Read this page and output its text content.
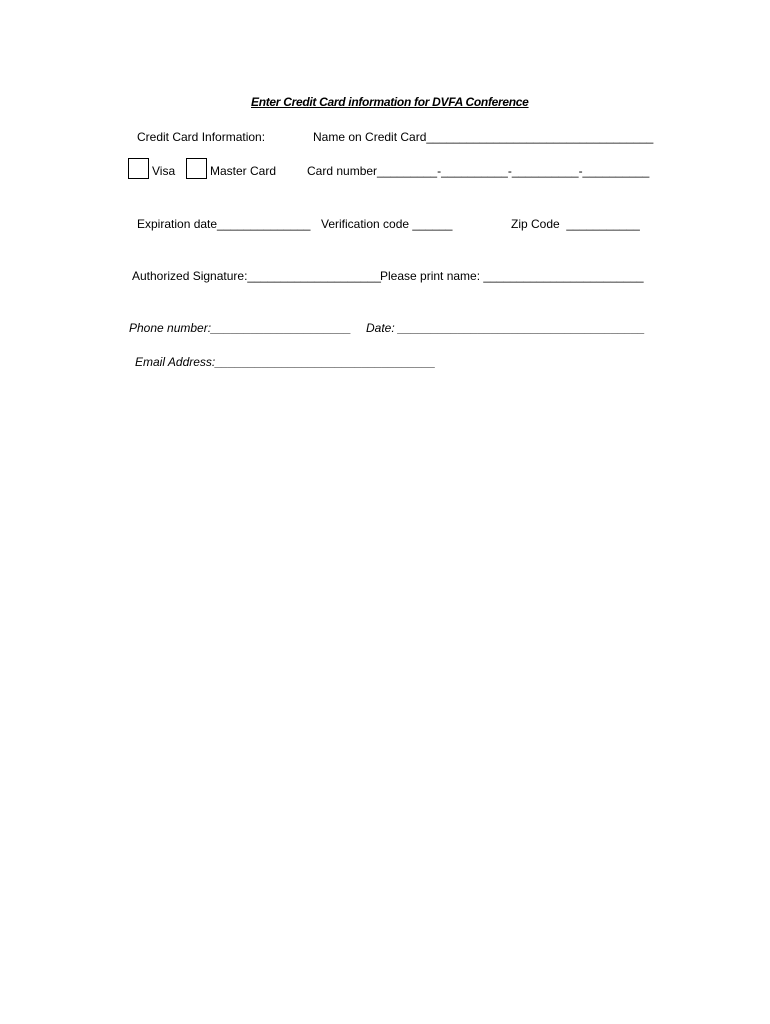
Enter Credit Card information for DVFA Conference
Credit Card Information:	Name on Credit Card__________________________________
Visa	Master Card	Card number_________-__________-__________-__________
Expiration date______________ Verification code ______	Zip Code  ___________
Authorized Signature:____________________ Please print name: ________________________
Phone number:_____________________ Date: _____________________________________
Email Address:_________________________________
